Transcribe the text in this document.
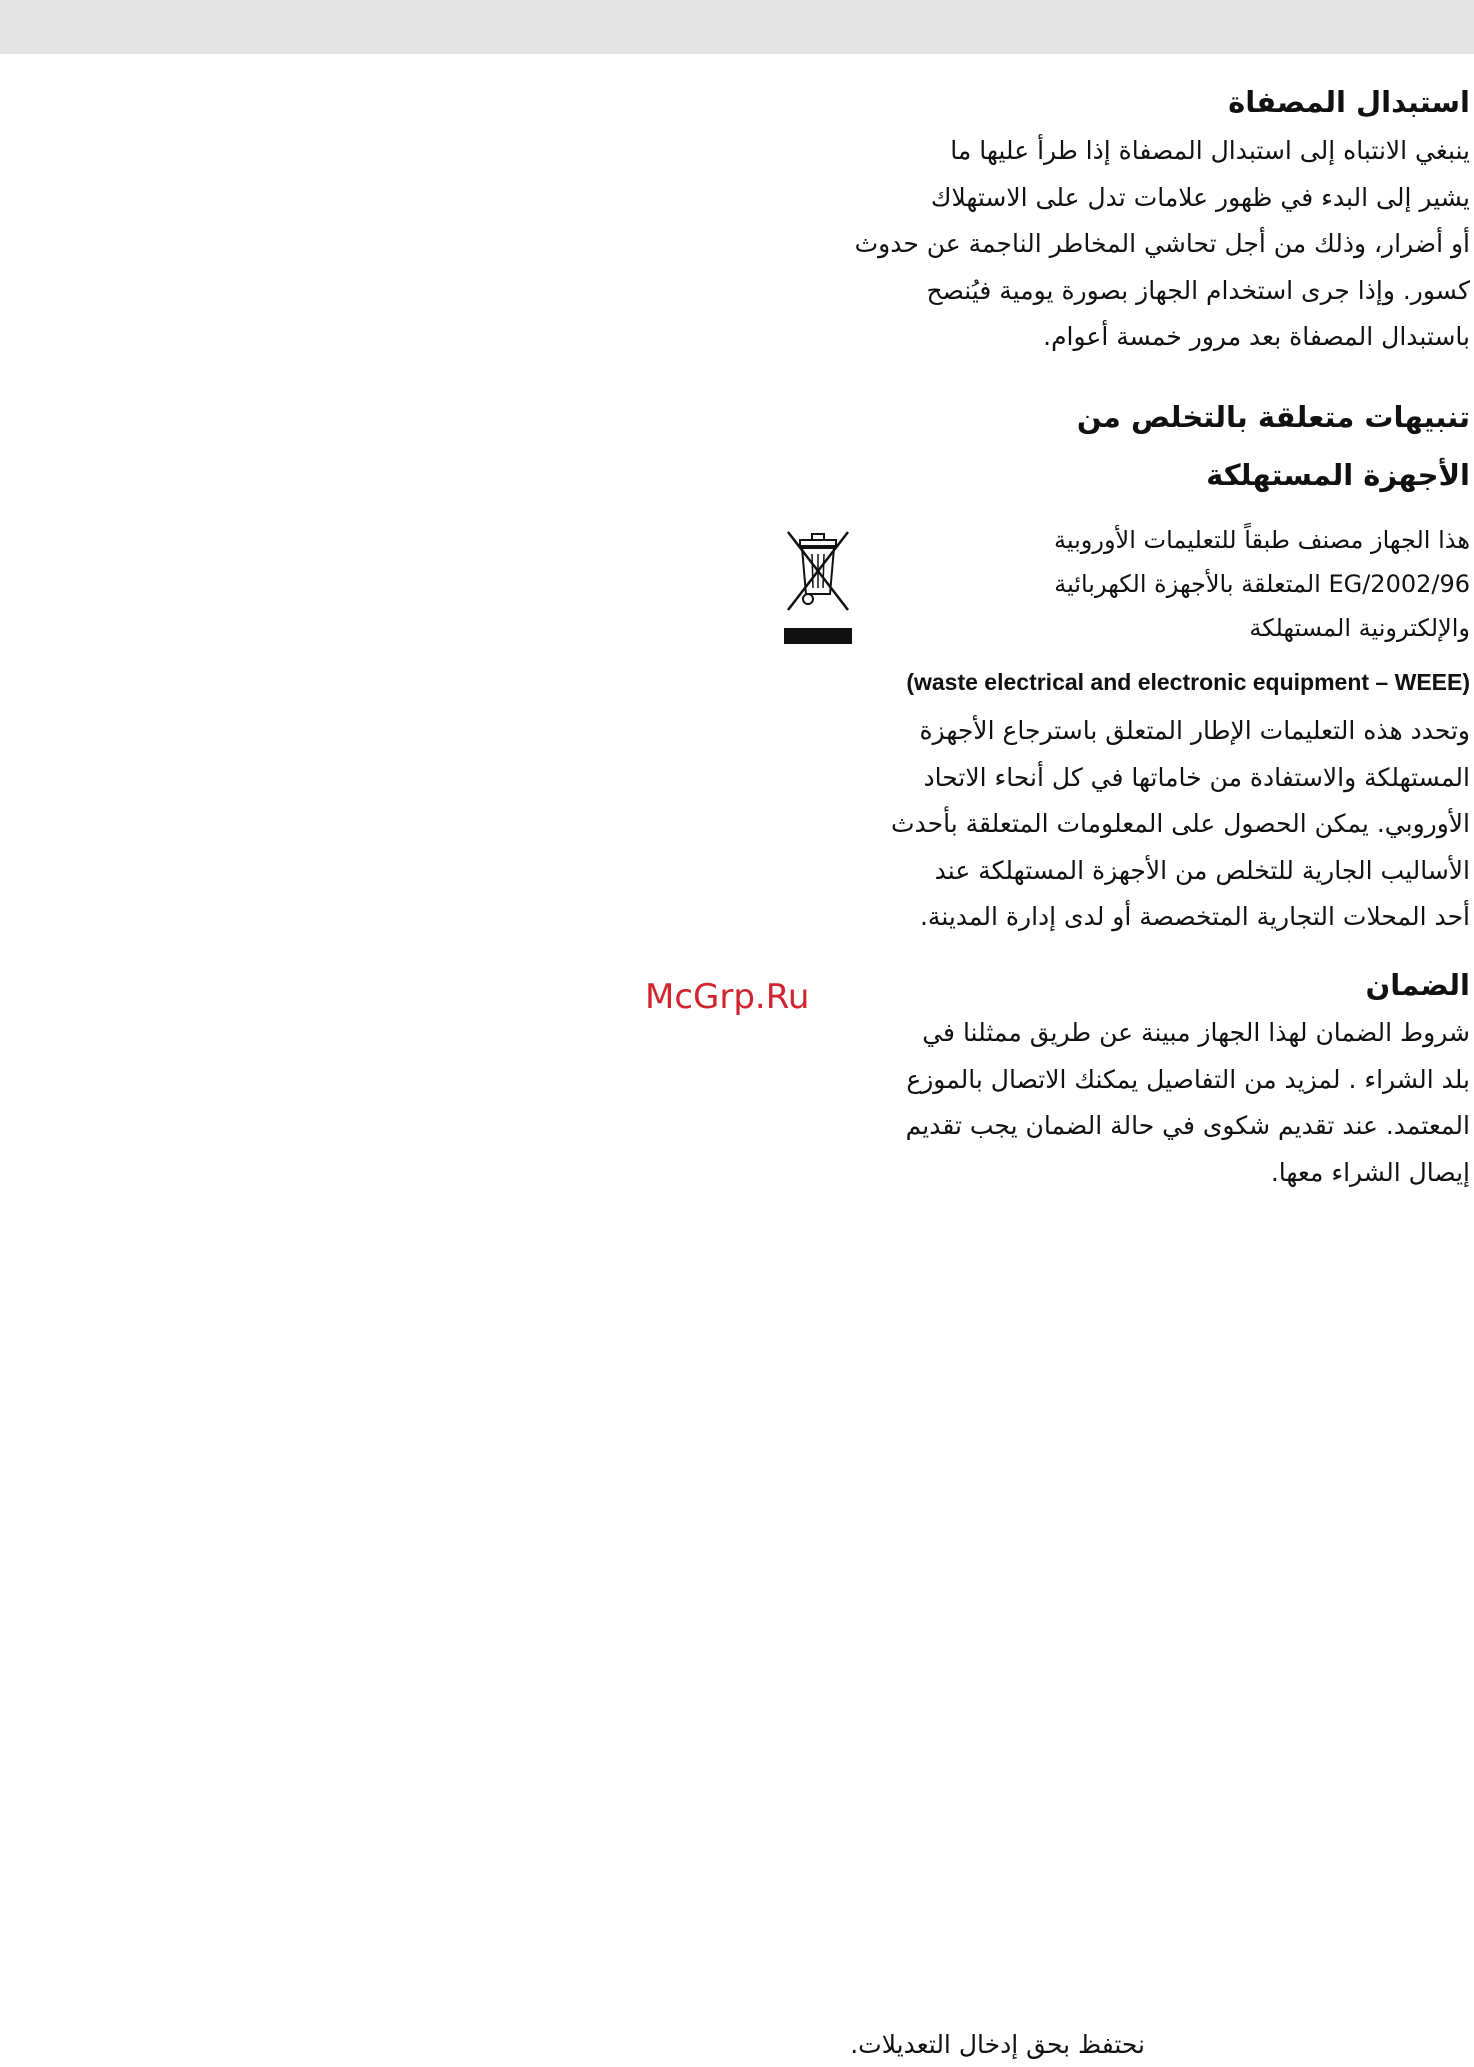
استبدال المصفاة

ينبغي الانتباه إلى استبدال المصفاة إذا طرأ عليها ما
يشير إلى البدء في ظهور علامات تدل على الاستهلاك
أو أضرار، وذلك من أجل تحاشي المخاطر الناجمة عن حدوث
كسور. وإذا جرى استخدام الجهاز بصورة يومية فيُنصح
باستبدال المصفاة بعد مرور خمسة أعوام.

تنبيهات متعلقة بالتخلص من
الأجهزة المستهلكة
هذا الجهاز مصنف طبقاً للتعليمات الأوروبية
2002/96/EG المتعلقة بالأجهزة الكهربائية
والإلكترونية المستهلكة

(waste electrical and electronic equipment – WEEE)

وتحدد هذه التعليمات الإطار المتعلق باسترجاع الأجهزة
المستهلكة والاستفادة من خاماتها في كل أنحاء الاتحاد
الأوروبي. يمكن الحصول على المعلومات المتعلقة بأحدث
الأساليب الجارية للتخلص من الأجهزة المستهلكة عند
أحد المحلات التجارية المتخصصة أو لدى إدارة المدينة.

الضمان

شروط الضمان لهذا الجهاز مبينة عن طريق ممثلنا في
بلد الشراء . لمزيد من التفاصيل يمكنك الاتصال بالموزع
المعتمد. عند تقديم شكوى في حالة الضمان يجب تقديم
إيصال الشراء معها.

McGrp.Ru
نحتفظ بحق إدخال التعديلات.
